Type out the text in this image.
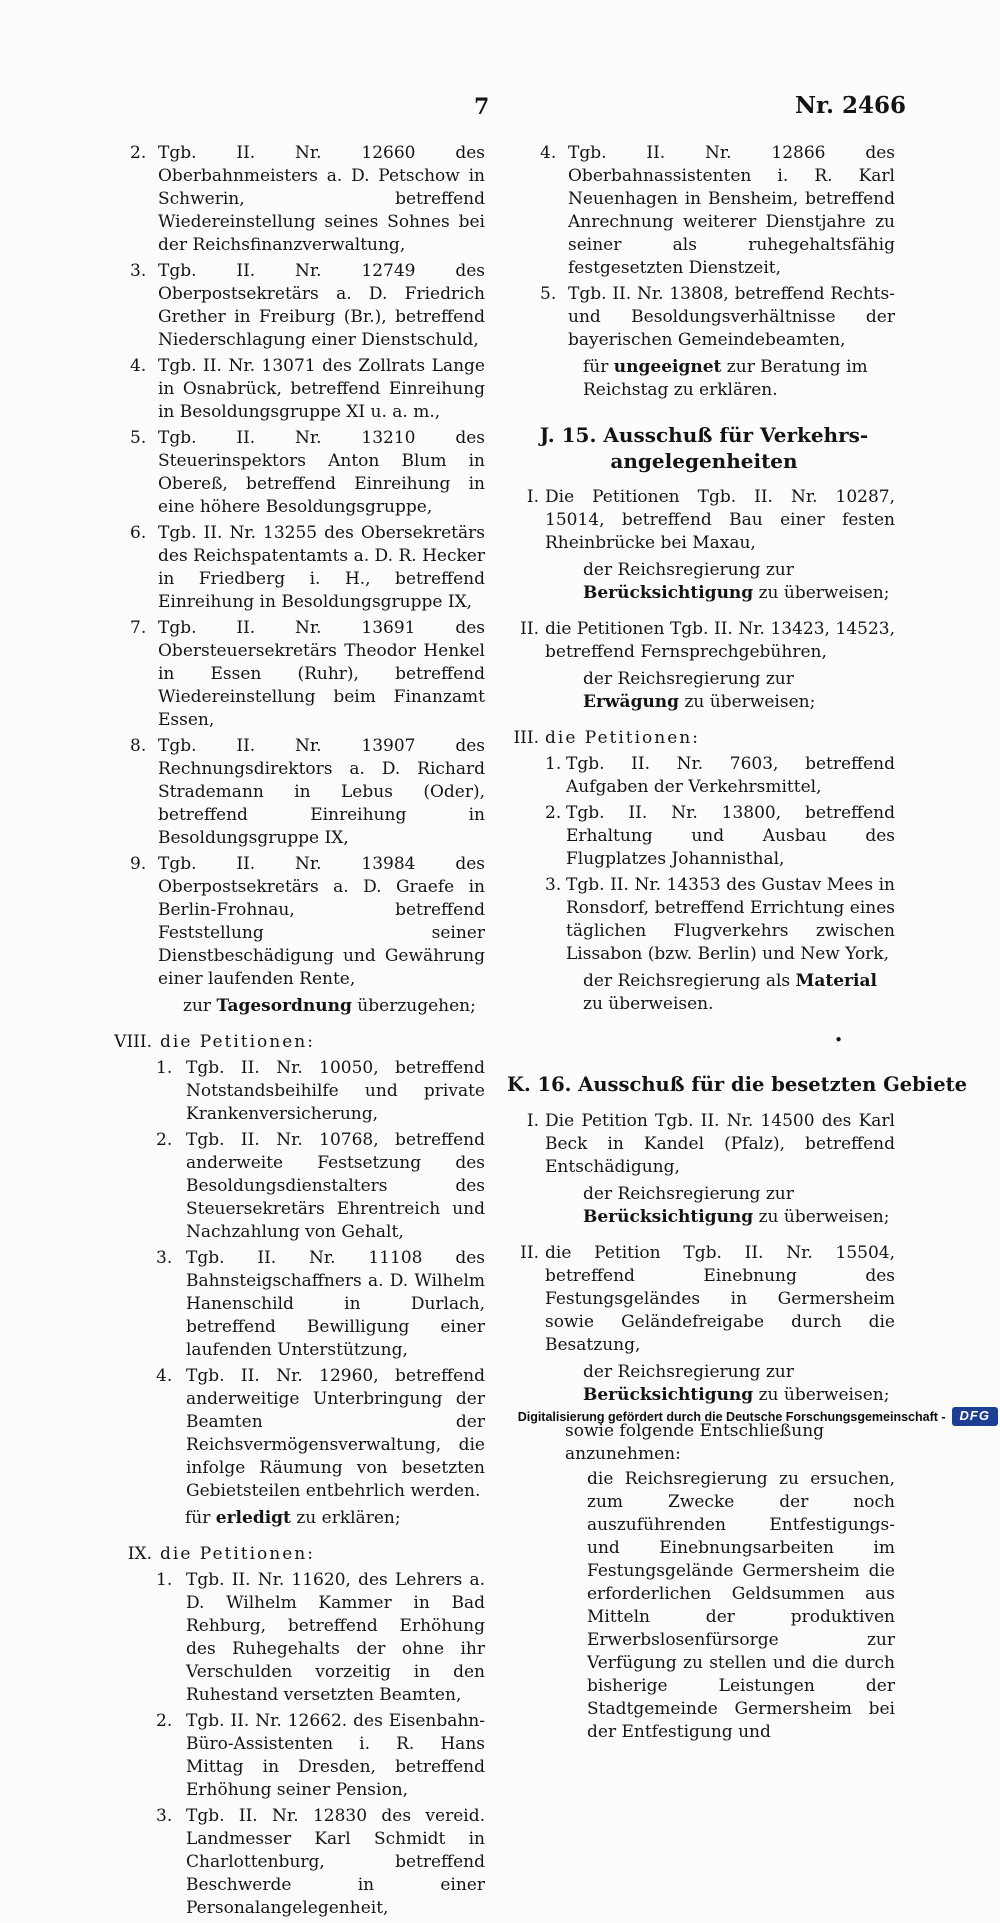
7	Nr. 2466
2. Tgb. II. Nr. 12660 des Oberbahnmeisters a. D. Petschow in Schwerin, betreffend Wiedereinstellung seines Sohnes bei der Reichsfinanzverwaltung,
3. Tgb. II. Nr. 12749 des Oberpostsekretärs a. D. Friedrich Grether in Freiburg (Br.), betreffend Niederschlagung einer Dienstschuld,
4. Tgb. II. Nr. 13071 des Zollrats Lange in Osnabrück, betreffend Einreihung in Besoldungsgruppe XI u. a. m.,
5. Tgb. II. Nr. 13210 des Steuerinspektors Anton Blum in Obereß, betreffend Einreihung in eine höhere Besoldungsgruppe,
6. Tgb. II. Nr. 13255 des Obersekretärs des Reichspatentamts a. D. R. Hecker in Friedberg i. H., betreffend Einreihung in Besoldungsgruppe IX,
7. Tgb. II. Nr. 13691 des Obersteuersekretärs Theodor Henkel in Essen (Ruhr), betreffend Wiedereinstellung beim Finanzamt Essen,
8. Tgb. II. Nr. 13907 des Rechnungsdirektors a. D. Richard Strademann in Lebus (Oder), betreffend Einreihung in Besoldungsgruppe IX,
9. Tgb. II. Nr. 13984 des Oberpostsekretärs a. D. Graefe in Berlin-Frohnau, betreffend Feststellung seiner Dienstbeschädigung und Gewährung einer laufenden Rente,
zur Tagesordnung überzugehen;
VIII. die Petitionen:
1. Tgb. II. Nr. 10050, betreffend Notstandsbeihilfe und private Krankenversicherung,
2. Tgb. II. Nr. 10768, betreffend anderweite Festsetzung des Besoldungsdienstalters des Steuersekretärs Ehrentreich und Nachzahlung von Gehalt,
3. Tgb. II. Nr. 11108 des Bahnsteigschaffners a. D. Wilhelm Hanenschild in Durlach, betreffend Bewilligung einer laufenden Unterstützung,
4. Tgb. II. Nr. 12960, betreffend anderweitige Unterbringung der Beamten der Reichsvermögensverwaltung, die infolge Räumung von besetzten Gebietsteilen entbehrlich werden.
für erledigt zu erklären;
IX. die Petitionen:
1. Tgb. II. Nr. 11620, des Lehrers a. D. Wilhelm Kammer in Bad Rehburg, betreffend Erhöhung des Ruhegehalts der ohne ihr Verschulden vorzeitig in den Ruhestand versetzten Beamten,
2. Tgb. II. Nr. 12662. des Eisenbahn-Büro-Assistenten i. R. Hans Mittag in Dresden, betreffend Erhöhung seiner Pension,
3. Tgb. II. Nr. 12830 des vereid. Landmesser Karl Schmidt in Charlottenburg, betreffend Beschwerde in einer Personalangelegenheit,
4. Tgb. II. Nr. 12866 des Oberbahnassistenten i. R. Karl Neuenhagen in Bensheim, betreffend Anrechnung weiterer Dienstjahre zu seiner als ruhegehaltsfähig festgesetzten Dienstzeit,
5. Tgb. II. Nr. 13808, betreffend Rechts- und Besoldungsverhältnisse der bayerischen Gemeindebeamten,
für ungeeignet zur Beratung im Reichstag zu erklären.
J. 15. Ausschuß für Verkehrs-
angelegenheiten
I. Die Petitionen Tgb. II. Nr. 10287, 15014, betreffend Bau einer festen Rheinbrücke bei Maxau,
der Reichsregierung zur Berücksichtigung zu überweisen;
II. die Petitionen Tgb. II. Nr. 13423, 14523, betreffend Fernsprechgebühren,
der Reichsregierung zur Erwägung zu überweisen;
III. die Petitionen:
1. Tgb. II. Nr. 7603, betreffend Aufgaben der Verkehrsmittel,
2. Tgb. II. Nr. 13800, betreffend Erhaltung und Ausbau des Flugplatzes Johannisthal,
3. Tgb. II. Nr. 14353 des Gustav Mees in Ronsdorf, betreffend Errichtung eines täglichen Flugverkehrs zwischen Lissabon (bzw. Berlin) und New York,
der Reichsregierung als Material zu überweisen.
•
K. 16. Ausschuß für die besetzten Gebiete
I. Die Petition Tgb. II. Nr. 14500 des Karl Beck in Kandel (Pfalz), betreffend Entschädigung,
der Reichsregierung zur Berücksichtigung zu überweisen;
II. die Petition Tgb. II. Nr. 15504, betreffend Einebnung des Festungsgeländes in Germersheim sowie Geländefreigabe durch die Besatzung,
der Reichsregierung zur Berücksichtigung zu überweisen;
sowie folgende Entschließung anzunehmen:
die Reichsregierung zu ersuchen, zum Zwecke der noch auszuführenden Entfestigungs- und Einebnungsarbeiten im Festungsgelände Germersheim die erforderlichen Geldsummen aus Mitteln der produktiven Erwerbslosenfürsorge zur Verfügung zu stellen und die durch bisherige Leistungen der Stadtgemeinde Germersheim bei der Entfestigung und
Digitalisierung gefördert durch die Deutsche Forschungsgemeinschaft -	DFG
